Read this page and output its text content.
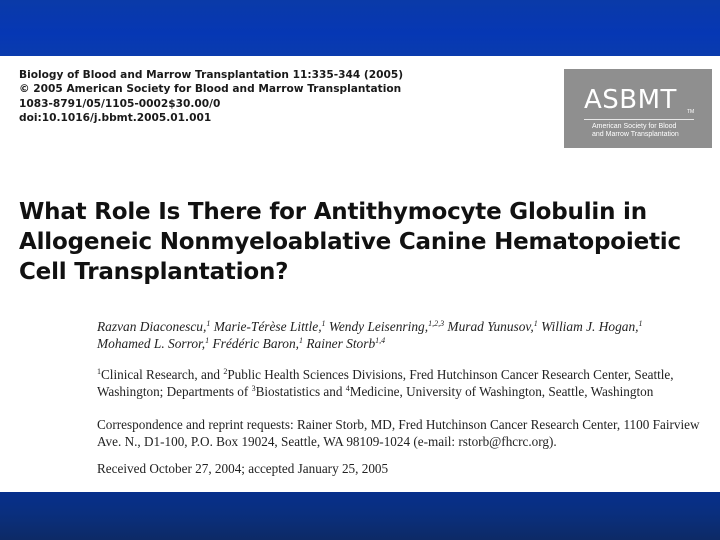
Biology of Blood and Marrow Transplantation 11:335-344 (2005)
© 2005 American Society for Blood and Marrow Transplantation
1083-8791/05/1105-0002$30.00/0
doi:10.1016/j.bbmt.2005.01.001
ASBMT TM
American Society for Blood
and Marrow Transplantation
What Role Is There for Antithymocyte Globulin in
Allogeneic Nonmyeloablative Canine Hematopoietic
Cell Transplantation?
Razvan Diaconescu,$^1$ Marie-Térèse Little,$^1$ Wendy Leisenring,$^{1,2,3}$ Murad Yunusov,$^1$ William J. Hogan,$^1$
Mohamed L. Sorror,$^1$ Frédéric Baron,$^1$ Rainer Storb$^{1,4}$
$^1$Clinical Research, and $^2$Public Health Sciences Divisions, Fred Hutchinson Cancer Research Center, Seattle,
Washington; Departments of $^3$Biostatistics and $^4$Medicine, University of Washington, Seattle, Washington
Correspondence and reprint requests: Rainer Storb, MD, Fred Hutchinson Cancer Research Center, 1100 Fairview
Ave. N., D1-100, P.O. Box 19024, Seattle, WA 98109-1024 (e-mail: rstorb@fhcrc.org).
Received October 27, 2004; accepted January 25, 2005
